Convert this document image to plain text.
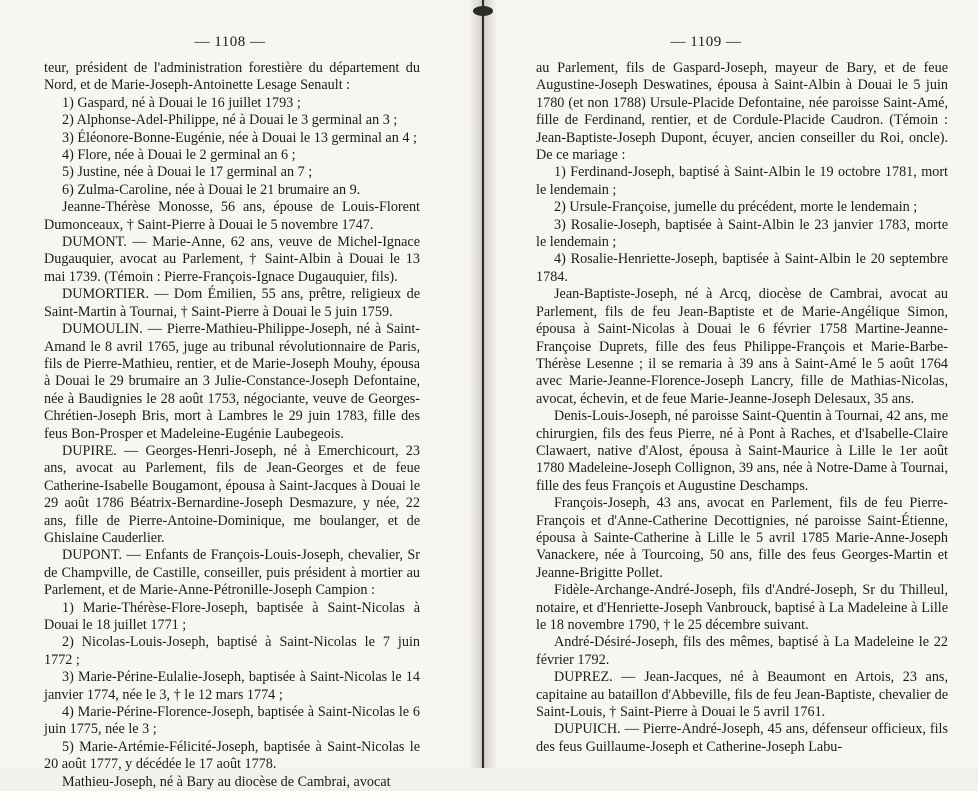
— 1108 —

teur, président de l'administration forestière du département du Nord, et de Marie-Joseph-Antoinette Lesage Senault :

1) Gaspard, né à Douai le 16 juillet 1793 ;

2) Alphonse-Adel-Philippe, né à Douai le 3 germinal an 3 ;

3) Éléonore-Bonne-Eugénie, née à Douai le 13 germinal an 4 ;

4) Flore, née à Douai le 2 germinal an 6 ;

5) Justine, née à Douai le 17 germinal an 7 ;

6) Zulma-Caroline, née à Douai le 21 brumaire an 9.

Jeanne-Thérèse Monosse, 56 ans, épouse de Louis-Florent Dumonceaux, † Saint-Pierre à Douai le 5 novembre 1747.

DUMONT. — Marie-Anne, 62 ans, veuve de Michel-Ignace Dugauquier, avocat au Parlement, † Saint-Albin à Douai le 13 mai 1739. (Témoin : Pierre-François-Ignace Dugauquier, fils).

DUMORTIER. — Dom Émilien, 55 ans, prêtre, religieux de Saint-Martin à Tournai, † Saint-Pierre à Douai le 5 juin 1759.

DUMOULIN. — Pierre-Mathieu-Philippe-Joseph, né à Saint-Amand le 8 avril 1765, juge au tribunal révolutionnaire de Paris, fils de Pierre-Mathieu, rentier, et de Marie-Joseph Mouhy, épousa à Douai le 29 brumaire an 3 Julie-Constance-Joseph Defontaine, née à Baudignies le 28 août 1753, négociante, veuve de Georges-Chrétien-Joseph Bris, mort à Lambres le 29 juin 1783, fille des feus Bon-Prosper et Madeleine-Eugénie Laubegeois.

DUPIRE. — Georges-Henri-Joseph, né à Emerchicourt, 23 ans, avocat au Parlement, fils de Jean-Georges et de feue Catherine-Isabelle Bougamont, épousa à Saint-Jacques à Douai le 29 août 1786 Béatrix-Bernardine-Joseph Desmazure, y née, 22 ans, fille de Pierre-Antoine-Dominique, me boulanger, et de Ghislaine Cauderlier.

DUPONT. — Enfants de François-Louis-Joseph, chevalier, Sr de Champville, de Castille, conseiller, puis président à mortier au Parlement, et de Marie-Anne-Pétronille-Joseph Campion :

1) Marie-Thérèse-Flore-Joseph, baptisée à Saint-Nicolas à Douai le 18 juillet 1771 ;

2) Nicolas-Louis-Joseph, baptisé à Saint-Nicolas le 7 juin 1772 ;

3) Marie-Périne-Eulalie-Joseph, baptisée à Saint-Nicolas le 14 janvier 1774, née le 3, † le 12 mars 1774 ;

4) Marie-Périne-Florence-Joseph, baptisée à Saint-Nicolas le 6 juin 1775, née le 3 ;

5) Marie-Artémie-Félicité-Joseph, baptisée à Saint-Nicolas le 20 août 1777, y décédée le 17 août 1778.

Mathieu-Joseph, né à Bary au diocèse de Cambrai, avocat

— 1109 —

au Parlement, fils de Gaspard-Joseph, mayeur de Bary, et de feue Augustine-Joseph Deswatines, épousa à Saint-Albin à Douai le 5 juin 1780 (et non 1788) Ursule-Placide Defontaine, née paroisse Saint-Amé, fille de Ferdinand, rentier, et de Cordule-Placide Caudron. (Témoin : Jean-Baptiste-Joseph Dupont, écuyer, ancien conseiller du Roi, oncle). De ce mariage :

1) Ferdinand-Joseph, baptisé à Saint-Albin le 19 octobre 1781, mort le lendemain ;

2) Ursule-Françoise, jumelle du précédent, morte le lendemain ;

3) Rosalie-Joseph, baptisée à Saint-Albin le 23 janvier 1783, morte le lendemain ;

4) Rosalie-Henriette-Joseph, baptisée à Saint-Albin le 20 septembre 1784.

Jean-Baptiste-Joseph, né à Arcq, diocèse de Cambrai, avocat au Parlement, fils de feu Jean-Baptiste et de Marie-Angélique Simon, épousa à Saint-Nicolas à Douai le 6 février 1758 Martine-Jeanne-Françoise Duprets, fille des feus Philippe-François et Marie-Barbe-Thérèse Lesenne ; il se remaria à 39 ans à Saint-Amé le 5 août 1764 avec Marie-Jeanne-Florence-Joseph Lancry, fille de Mathias-Nicolas, avocat, échevin, et de feue Marie-Jeanne-Joseph Delesaux, 35 ans.

Denis-Louis-Joseph, né paroisse Saint-Quentin à Tournai, 42 ans, me chirurgien, fils des feus Pierre, né à Pont à Raches, et d'Isabelle-Claire Clawaert, native d'Alost, épousa à Saint-Maurice à Lille le 1er août 1780 Madeleine-Joseph Collignon, 39 ans, née à Notre-Dame à Tournai, fille des feus François et Augustine Deschamps.

François-Joseph, 43 ans, avocat en Parlement, fils de feu Pierre-François et d'Anne-Catherine Decottignies, né paroisse Saint-Étienne, épousa à Sainte-Catherine à Lille le 5 avril 1785 Marie-Anne-Joseph Vanackere, née à Tourcoing, 50 ans, fille des feus Georges-Martin et Jeanne-Brigitte Pollet.

Fidèle-Archange-André-Joseph, fils d'André-Joseph, Sr du Thilleul, notaire, et d'Henriette-Joseph Vanbrouck, baptisé à La Madeleine à Lille le 18 novembre 1790, † le 25 décembre suivant.

André-Désiré-Joseph, fils des mêmes, baptisé à La Madeleine le 22 février 1792.

DUPREZ. — Jean-Jacques, né à Beaumont en Artois, 23 ans, capitaine au bataillon d'Abbeville, fils de feu Jean-Baptiste, chevalier de Saint-Louis, † Saint-Pierre à Douai le 5 avril 1761.

DUPUICH. — Pierre-André-Joseph, 45 ans, défenseur officieux, fils des feus Guillaume-Joseph et Catherine-Joseph Labu-
